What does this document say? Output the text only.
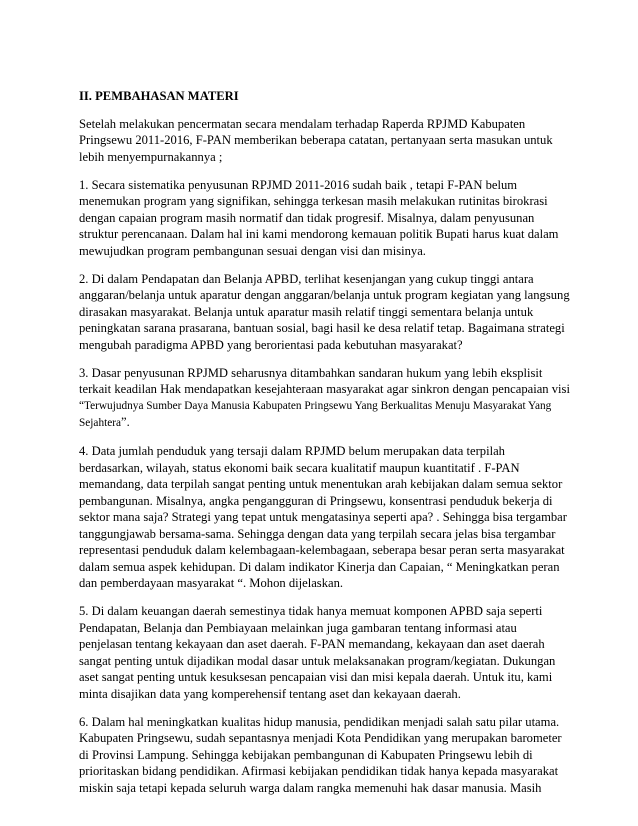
II. PEMBAHASAN MATERI
Setelah melakukan pencermatan secara mendalam terhadap Raperda RPJMD Kabupaten
Pringsewu 2011-2016, F-PAN memberikan beberapa catatan, pertanyaan serta masukan untuk
lebih menyempurnakannya ;
1. Secara sistematika penyusunan RPJMD 2011-2016 sudah baik , tetapi F-PAN belum
menemukan program yang signifikan, sehingga terkesan masih melakukan rutinitas birokrasi
dengan capaian program masih normatif dan tidak progresif. Misalnya, dalam penyusunan
struktur perencanaan. Dalam hal ini kami mendorong kemauan politik Bupati harus kuat dalam
mewujudkan program pembangunan sesuai dengan visi dan misinya.
2. Di dalam Pendapatan dan Belanja APBD, terlihat kesenjangan yang cukup tinggi antara
anggaran/belanja untuk aparatur dengan anggaran/belanja untuk program kegiatan yang langsung
dirasakan masyarakat. Belanja untuk aparatur masih relatif tinggi sementara belanja untuk
peningkatan sarana prasarana, bantuan sosial, bagi hasil ke desa relatif tetap. Bagaimana strategi
mengubah paradigma APBD yang berorientasi pada kebutuhan masyarakat?
3. Dasar penyusunan RPJMD seharusnya ditambahkan sandaran hukum yang lebih eksplisit
terkait keadilan Hak mendapatkan kesejahteraan masyarakat agar sinkron dengan pencapaian visi
“Terwujudnya Sumber Daya Manusia Kabupaten Pringsewu Yang Berkualitas Menuju Masyarakat Yang
Sejahtera”.
4. Data jumlah penduduk yang tersaji dalam RPJMD belum merupakan data terpilah
berdasarkan, wilayah, status ekonomi baik secara kualitatif maupun kuantitatif . F-PAN
memandang, data terpilah sangat penting untuk menentukan arah kebijakan dalam semua sektor
pembangunan. Misalnya, angka pengangguran di Pringsewu, konsentrasi penduduk bekerja di
sektor mana saja? Strategi yang tepat untuk mengatasinya seperti apa? . Sehingga bisa tergambar
tanggungjawab bersama-sama. Sehingga dengan data yang terpilah secara jelas bisa tergambar
representasi penduduk dalam kelembagaan-kelembagaan, seberapa besar peran serta masyarakat
dalam semua aspek kehidupan. Di dalam indikator Kinerja dan Capaian, “ Meningkatkan peran
dan pemberdayaan masyarakat “. Mohon dijelaskan.
5. Di dalam keuangan daerah semestinya tidak hanya memuat komponen APBD saja seperti
Pendapatan, Belanja dan Pembiayaan melainkan juga gambaran tentang informasi atau
penjelasan tentang kekayaan dan aset daerah. F-PAN memandang, kekayaan dan aset daerah
sangat penting untuk dijadikan modal dasar untuk melaksanakan program/kegiatan. Dukungan
aset sangat penting untuk kesuksesan pencapaian visi dan misi kepala daerah. Untuk itu, kami
minta disajikan data yang komperehensif tentang aset dan kekayaan daerah.
6. Dalam hal meningkatkan kualitas hidup manusia, pendidikan menjadi salah satu pilar utama.
Kabupaten Pringsewu, sudah sepantasnya menjadi Kota Pendidikan yang merupakan barometer
di Provinsi Lampung. Sehingga kebijakan pembangunan di Kabupaten Pringsewu lebih di
prioritaskan bidang pendidikan. Afirmasi kebijakan pendidikan tidak hanya kepada masyarakat
miskin saja tetapi kepada seluruh warga dalam rangka memenuhi hak dasar manusia. Masih
